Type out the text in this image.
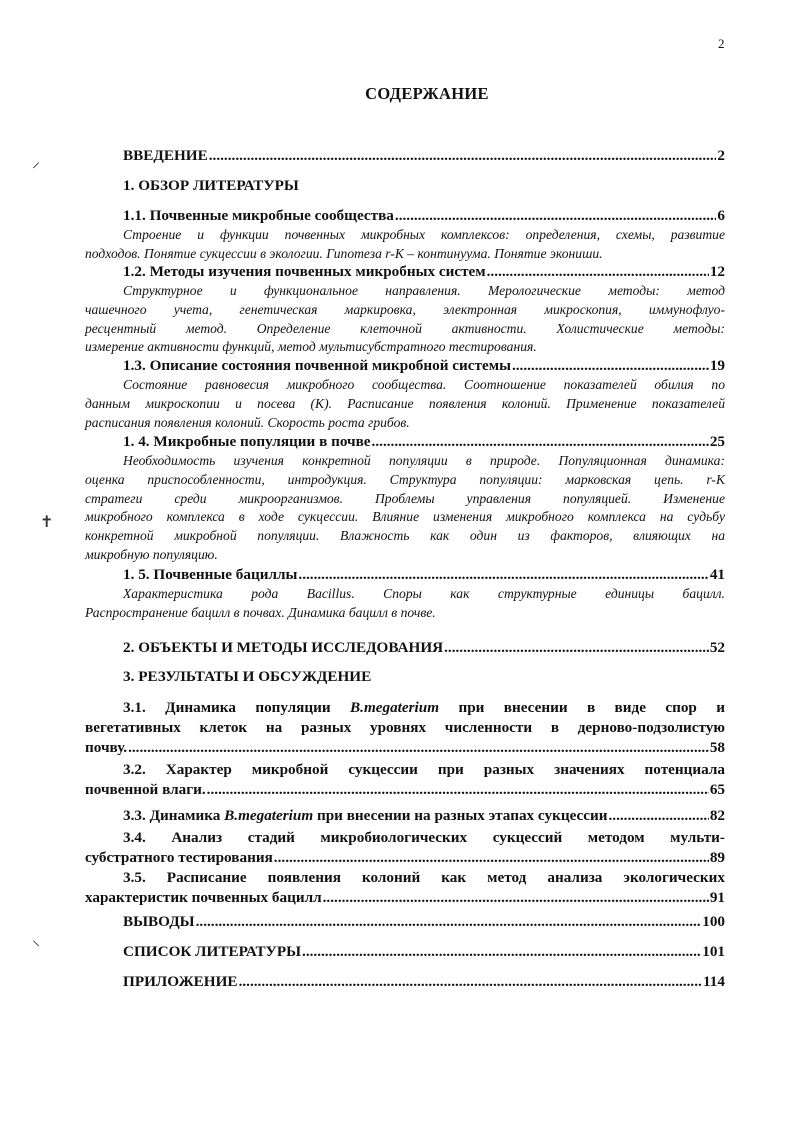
2
СОДЕРЖАНИЕ
ВВЕДЕНИЕ .....	2
1. ОБЗОР ЛИТЕРАТУРЫ
1.1. Почвенные микробные сообщества .....	6
Строение и функции почвенных микробных комплексов: определения, схемы, развитие
подходов. Понятие сукцессии в экологии. Гипотеза r-К – континуума. Понятие экониши.
1.2. Методы изучения почвенных микробных систем .....	12
Структурное и функциональное направления. Мерологические методы: метод
чашечного учета, генетическая маркировка, электронная микроскопия, иммунофлуо-
ресцентный метод. Определение клеточной активности. Холистические методы:
измерение активности функций, метод мультисубстратного тестирования.
1.3. Описание состояния почвенной микробной системы .....	19
Состояние равновесия микробного сообщества. Соотношение показателей обилия по
данным микроскопии и посева (К). Расписание появления колоний. Применение показателей
расписания появления колоний. Скорость роста грибов.
1. 4. Микробные популяции в почве .....	25
Необходимость изучения конкретной популяции в природе. Популяционная динамика:
оценка приспособленности, интродукция. Структура популяции: марковская цепь. r-К
стратеги среди микроорганизмов. Проблемы управления популяцией. Изменение
микробного комплекса в ходе сукцессии. Влияние изменения микробного комплекса на судьбу
конкретной микробной популяции. Влажность как один из факторов, влияющих на
микробную популяцию.
1. 5. Почвенные бациллы .....	41
Характеристика рода Bacillus. Споры как структурные единицы бацилл.
Распространение бацилл в почвах. Динамика бацилл в почве.
2. ОБЪЕКТЫ И МЕТОДЫ ИССЛЕДОВАНИЯ .....	52
3. РЕЗУЛЬТАТЫ И ОБСУЖДЕНИЕ
3.1. Динамика популяции B.megaterium при внесении в виде спор и
вегетативных клеток на разных уровнях численности в дерново-подзолистую
почву. .....	58
3.2. Характер микробной сукцессии при разных значениях потенциала
почвенной влаги. .....	65
3.3. Динамика B.megaterium при внесении на разных этапах сукцессии .....	82
3.4. Анализ стадий микробиологических сукцессий методом мульти-
субстратного тестирования .....	89
3.5. Расписание появления колоний как метод анализа экологических
характеристик почвенных бацилл .....	91
ВЫВОДЫ .....	100
СПИСОК ЛИТЕРАТУРЫ .....	101
ПРИЛОЖЕНИЕ .....	114
⸝
✝
⸜
